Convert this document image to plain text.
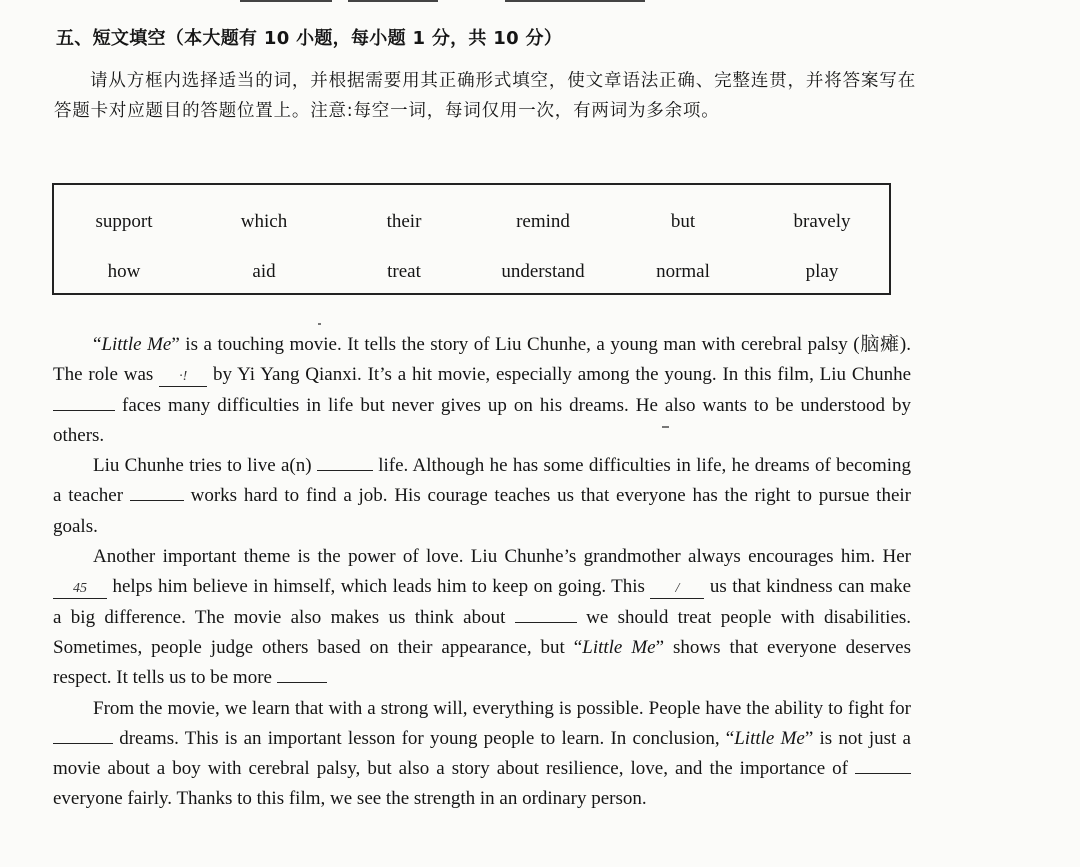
五、短文填空（本大题有 10 小题，每小题 1 分，共 10 分）
请从方框内选择适当的词，并根据需要用其正确形式填空，使文章语法正确、完整连贯，并将答案写在答题卡对应题目的答题位置上。注意:每空一词，每词仅用一次，有两词为多余项。
support	which	their	remind	but	bravely
how	aid	treat	understand	normal	play

“Little Me” is a touching movie. It tells the story of Liu Chunhe, a young man with cerebral palsy (脑瘫). The role was ·! by Yi Yang Qianxi. It’s a hit movie, especially among the young. In this film, Liu Chunhe  faces many difficulties in life but never gives up on his dreams. He also wants to be understood by others.

Liu Chunhe tries to live a(n)	life. Although he has some difficulties in life, he dreams of becoming a teacher	works hard to find a job. His courage teaches us that everyone has the right to pursue their goals.

Another important theme is the power of love. Liu Chunhe’s grandmother always encourages him. Her 45 helps him believe in himself, which leads him to keep on going. This / us that kindness can make a big difference. The movie also makes us think about	we should treat people with disabilities. Sometimes, people judge others based on their appearance, but “Little Me” shows that everyone deserves respect. It tells us to be more

From the movie, we learn that with a strong will, everything is possible. People have the ability to fight for  dreams. This is an important lesson for young people to learn. In conclusion, “Little Me” is not just a movie about a boy with cerebral palsy, but also a story about resilience, love, and the importance of  everyone fairly. Thanks to this film, we see the strength in an ordinary person.
